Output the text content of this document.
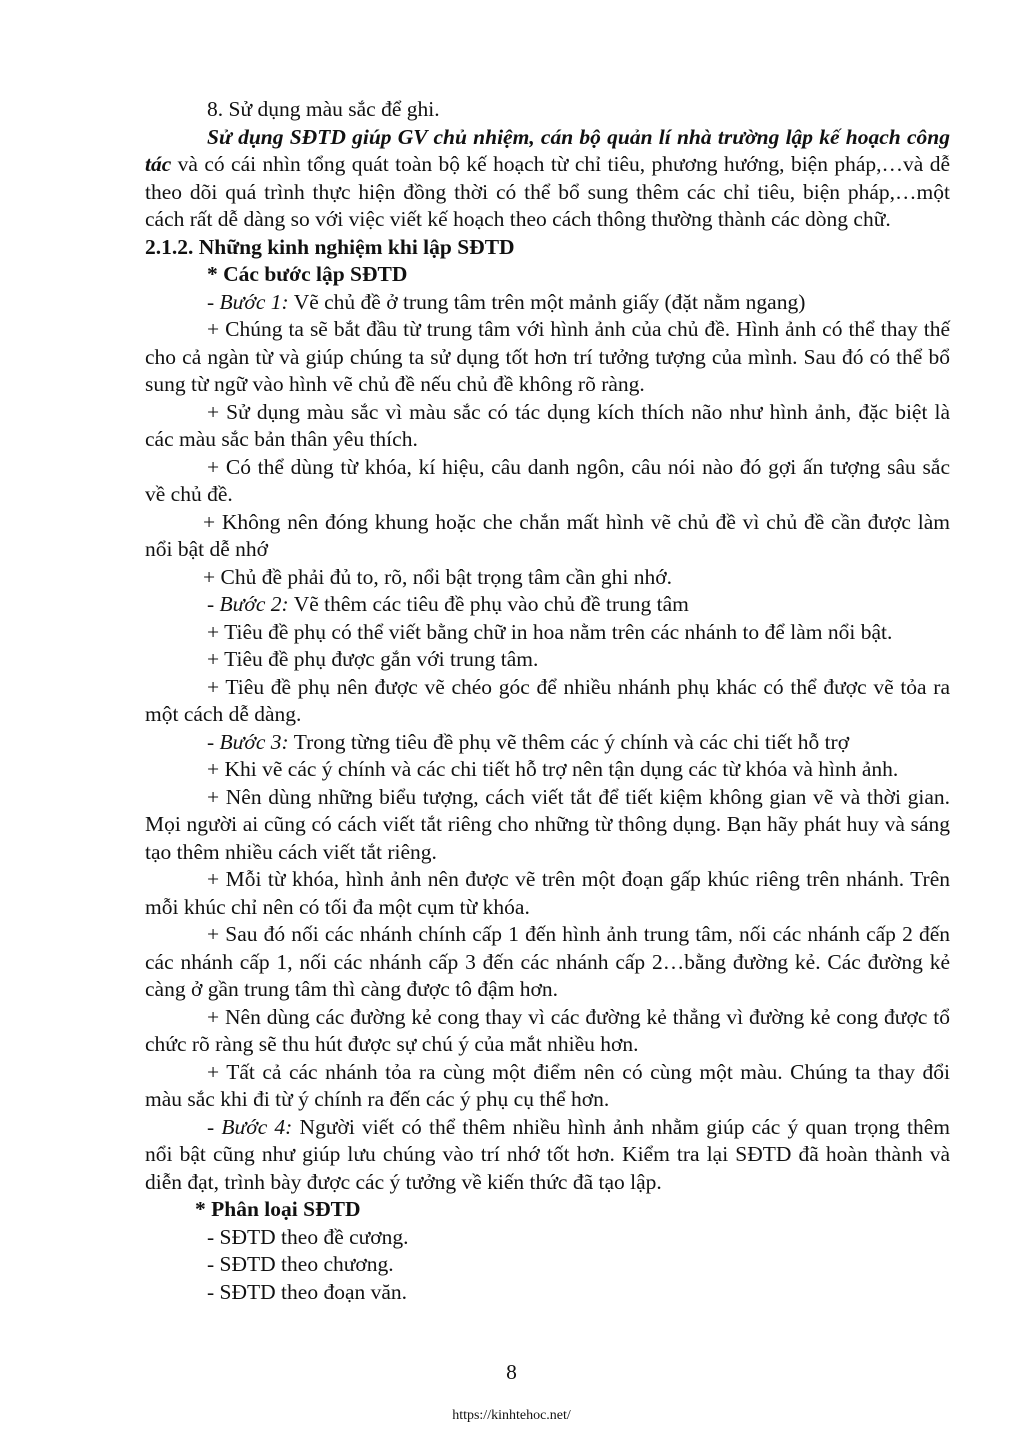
8. Sử dụng màu sắc để ghi.

Sử dụng SĐTD giúp GV chủ nhiệm, cán bộ quản lí nhà trường lập kế hoạch công tác và có cái nhìn tổng quát toàn bộ kế hoạch từ chỉ tiêu, phương hướng, biện pháp,…và dễ theo dõi quá trình thực hiện đồng thời có thể bổ sung thêm các chỉ tiêu, biện pháp,…một cách rất dễ dàng so với việc viết kế hoạch theo cách thông thường thành các dòng chữ.

2.1.2. Những kinh nghiệm khi lập SĐTD

* Các bước lập SĐTD

- Bước 1: Vẽ chủ đề ở trung tâm trên một mảnh giấy (đặt nằm ngang)

+ Chúng ta sẽ bắt đầu từ trung tâm với hình ảnh của chủ đề. Hình ảnh có thể thay thế cho cả ngàn từ và giúp chúng ta sử dụng tốt hơn trí tưởng tượng của mình. Sau đó có thể bổ sung từ ngữ vào hình vẽ chủ đề nếu chủ đề không rõ ràng.

+ Sử dụng màu sắc vì màu sắc có tác dụng kích thích não như hình ảnh, đặc biệt là các màu sắc bản thân yêu thích.

+ Có thể dùng từ khóa, kí hiệu, câu danh ngôn, câu nói nào đó gợi ấn tượng sâu sắc về chủ đề.

+ Không nên đóng khung hoặc che chắn mất hình vẽ chủ đề vì chủ đề cần được làm nổi bật dễ nhớ

+ Chủ đề phải đủ to, rõ, nổi bật trọng tâm cần ghi nhớ.

- Bước 2: Vẽ thêm các tiêu đề phụ vào chủ đề trung tâm

+ Tiêu đề phụ có thể viết bằng chữ in hoa nằm trên các nhánh to để làm nổi bật.

+ Tiêu đề phụ được gắn với trung tâm.

+ Tiêu đề phụ nên được vẽ chéo góc để nhiều nhánh phụ khác có thể được vẽ tỏa ra một cách dễ dàng.

- Bước 3: Trong từng tiêu đề phụ vẽ thêm các ý chính và các chi tiết hỗ trợ

+ Khi vẽ các ý chính và các chi tiết hỗ trợ nên tận dụng các từ khóa và hình ảnh.

+ Nên dùng những biểu tượng, cách viết tắt để tiết kiệm không gian vẽ và thời gian. Mọi người ai cũng có cách viết tắt riêng cho những từ thông dụng. Bạn hãy phát huy và sáng tạo thêm nhiều cách viết tắt riêng.

+ Mỗi từ khóa, hình ảnh nên được vẽ trên một đoạn gấp khúc riêng trên nhánh. Trên mỗi khúc chỉ nên có tối đa một cụm từ khóa.

+ Sau đó nối các nhánh chính cấp 1 đến hình ảnh trung tâm, nối các nhánh cấp 2 đến các nhánh cấp 1, nối các nhánh cấp 3 đến các nhánh cấp 2…bằng đường kẻ. Các đường kẻ càng ở gần trung tâm thì càng được tô đậm hơn.

+ Nên dùng các đường kẻ cong thay vì các đường kẻ thẳng vì đường kẻ cong được tổ chức rõ ràng sẽ thu hút được sự chú ý của mắt nhiều hơn.

+ Tất cả các nhánh tỏa ra cùng một điểm nên có cùng một màu. Chúng ta thay đổi màu sắc khi đi từ ý chính ra đến các ý phụ cụ thể hơn.

- Bước 4: Người viết có thể thêm nhiều hình ảnh nhằm giúp các ý quan trọng thêm nổi bật cũng như giúp lưu chúng vào trí nhớ tốt hơn. Kiểm tra lại SĐTD đã hoàn thành và diễn đạt, trình bày được các ý tưởng về kiến thức đã tạo lập.

* Phân loại SĐTD

- SĐTD theo đề cương.

- SĐTD theo chương.

- SĐTD theo đoạn văn.

8
https://kinhtehoc.net/
